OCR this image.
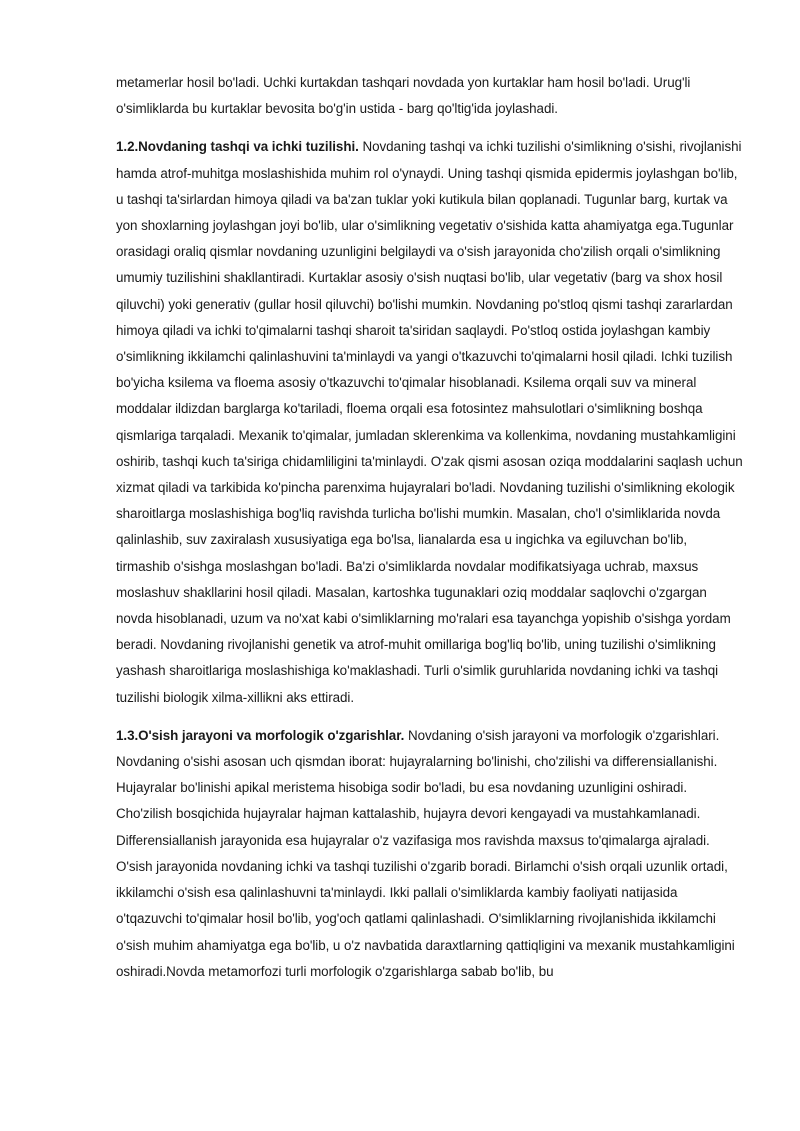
metamerlar hosil bo'ladi. Uchki kurtakdan tashqari novdada yon kurtaklar ham hosil bo'ladi. Urug'li o'simliklarda bu kurtaklar bevosita bo'g'in ustida - barg qo'ltig'ida joylashadi.

1.2.Novdaning tashqi va ichki tuzilishi. Novdaning tashqi va ichki tuzilishi o'simlikning o'sishi, rivojlanishi hamda atrof-muhitga moslashishida muhim rol o'ynaydi. Uning tashqi qismida epidermis joylashgan bo'lib, u tashqi ta'sirlardan himoya qiladi va ba'zan tuklar yoki kutikula bilan qoplanadi. Tugunlar barg, kurtak va yon shoxlarning joylashgan joyi bo'lib, ular o'simlikning vegetativ o'sishida katta ahamiyatga ega.Tugunlar orasidagi oraliq qismlar novdaning uzunligini belgilaydi va o'sish jarayonida cho'zilish orqali o'simlikning umumiy tuzilishini shakllantiradi. Kurtaklar asosiy o'sish nuqtasi bo'lib, ular vegetativ (barg va shox hosil qiluvchi) yoki generativ (gullar hosil qiluvchi) bo'lishi mumkin. Novdaning po'stloq qismi tashqi zararlardan himoya qiladi va ichki to'qimalarni tashqi sharoit ta'siridan saqlaydi. Po'stloq ostida joylashgan kambiy o'simlikning ikkilamchi qalinlashuvini ta'minlaydi va yangi o'tkazuvchi to'qimalarni hosil qiladi. Ichki tuzilish bo'yicha ksilema va floema asosiy o'tkazuvchi to'qimalar hisoblanadi. Ksilema orqali suv va mineral moddalar ildizdan barglarga ko'tariladi, floema orqali esa fotosintez mahsulotlari o'simlikning boshqa qismlariga tarqaladi. Mexanik to'qimalar, jumladan sklerenkima va kollenkima, novdaning mustahkamligini oshirib, tashqi kuch ta'siriga chidamliligini ta'minlaydi. O'zak qismi asosan oziqa moddalarini saqlash uchun xizmat qiladi va tarkibida ko'pincha parenxima hujayralari bo'ladi. Novdaning tuzilishi o'simlikning ekologik sharoitlarga moslashishiga bog'liq ravishda turlicha bo'lishi mumkin. Masalan, cho'l o'simliklarida novda qalinlashib, suv zaxiralash xususiyatiga ega bo'lsa, lianalarda esa u ingichka va egiluvchan bo'lib, tirmashib o'sishga moslashgan bo'ladi. Ba'zi o'simliklarda novdalar modifikatsiyaga uchrab, maxsus moslashuv shakllarini hosil qiladi. Masalan, kartoshka tugunaklari oziq moddalar saqlovchi o'zgargan novda hisoblanadi, uzum va no'xat kabi o'simliklarning mo'ralari esa tayanchga yopishib o'sishga yordam beradi. Novdaning rivojlanishi genetik va atrof-muhit omillariga bog'liq bo'lib, uning tuzilishi o'simlikning yashash sharoitlariga moslashishiga ko'maklashadi. Turli o'simlik guruhlarida novdaning ichki va tashqi tuzilishi biologik xilma-xillikni aks ettiradi.

1.3.O'sish jarayoni va morfologik o'zgarishlar. Novdaning o'sish jarayoni va morfologik o'zgarishlari. Novdaning o'sishi asosan uch qismdan iborat: hujayralarning bo'linishi, cho'zilishi va differensiallanishi. Hujayralar bo'linishi apikal meristema hisobiga sodir bo'ladi, bu esa novdaning uzunligini oshiradi. Cho'zilish bosqichida hujayralar hajman kattalashib, hujayra devori kengayadi va mustahkamlanadi. Differensiallanish jarayonida esa hujayralar o'z vazifasiga mos ravishda maxsus to'qimalarga ajraladi. O'sish jarayonida novdaning ichki va tashqi tuzilishi o'zgarib boradi. Birlamchi o'sish orqali uzunlik ortadi, ikkilamchi o'sish esa qalinlashuvni ta'minlaydi. Ikki pallali o'simliklarda kambiy faoliyati natijasida o'tqazuvchi to'qimalar hosil bo'lib, yog'och qatlami qalinlashadi. O'simliklarning rivojlanishida ikkilamchi o'sish muhim ahamiyatga ega bo'lib, u o'z navbatida daraxtlarning qattiqligini va mexanik mustahkamligini oshiradi.Novda metamorfozi turli morfologik o'zgarishlarga sabab bo'lib, bu
